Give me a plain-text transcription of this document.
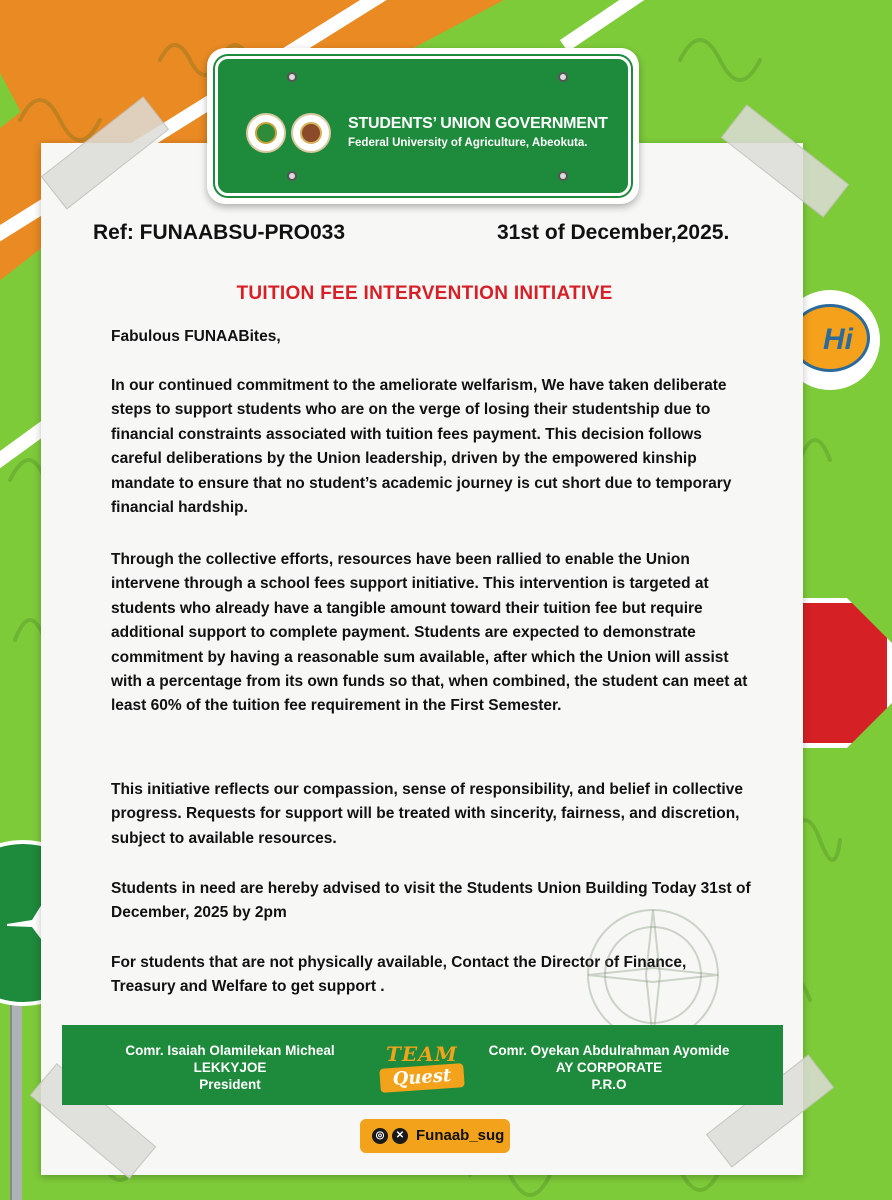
Hi
STUDENTS’ UNION GOVERNMENT
Federal University of Agriculture, Abeokuta.
Ref: FUNAABSU-PRO033	31st of December,2025.
TUITION FEE INTERVENTION INITIATIVE
Fabulous FUNAABites,
In our continued commitment to the ameliorate welfarism, We have taken deliberate steps to support students who are on the verge of losing their studentship due to financial constraints associated with tuition fees payment. This decision follows careful deliberations by the Union leadership, driven by the empowered kinship mandate to ensure that no student’s academic journey is cut short due to temporary financial hardship.
Through the collective efforts, resources have been rallied to enable the Union intervene through a school fees support initiative. This intervention is targeted at students who already have a tangible amount toward their tuition fee but require additional support to complete payment. Students are expected to demonstrate commitment by having a reasonable sum available, after which the Union will assist with a percentage from its own funds so that, when combined, the student can meet at least 60% of the tuition fee requirement in the First Semester.
This initiative reflects our compassion, sense of responsibility, and belief in collective progress. Requests for support will be treated with sincerity, fairness, and discretion, subject to available resources.
Students in need are hereby advised to visit the Students Union Building Today 31st of December, 2025 by 2pm
For students that are not physically available, Contact the Director of Finance, Treasury and Welfare to get support .
Comr. Isaiah Olamilekan Micheal
LEKKYJOE
President
TEAM
Quest
Comr. Oyekan Abdulrahman Ayomide
AY CORPORATE
P.R.O
◎	✕ Funaab_sug
